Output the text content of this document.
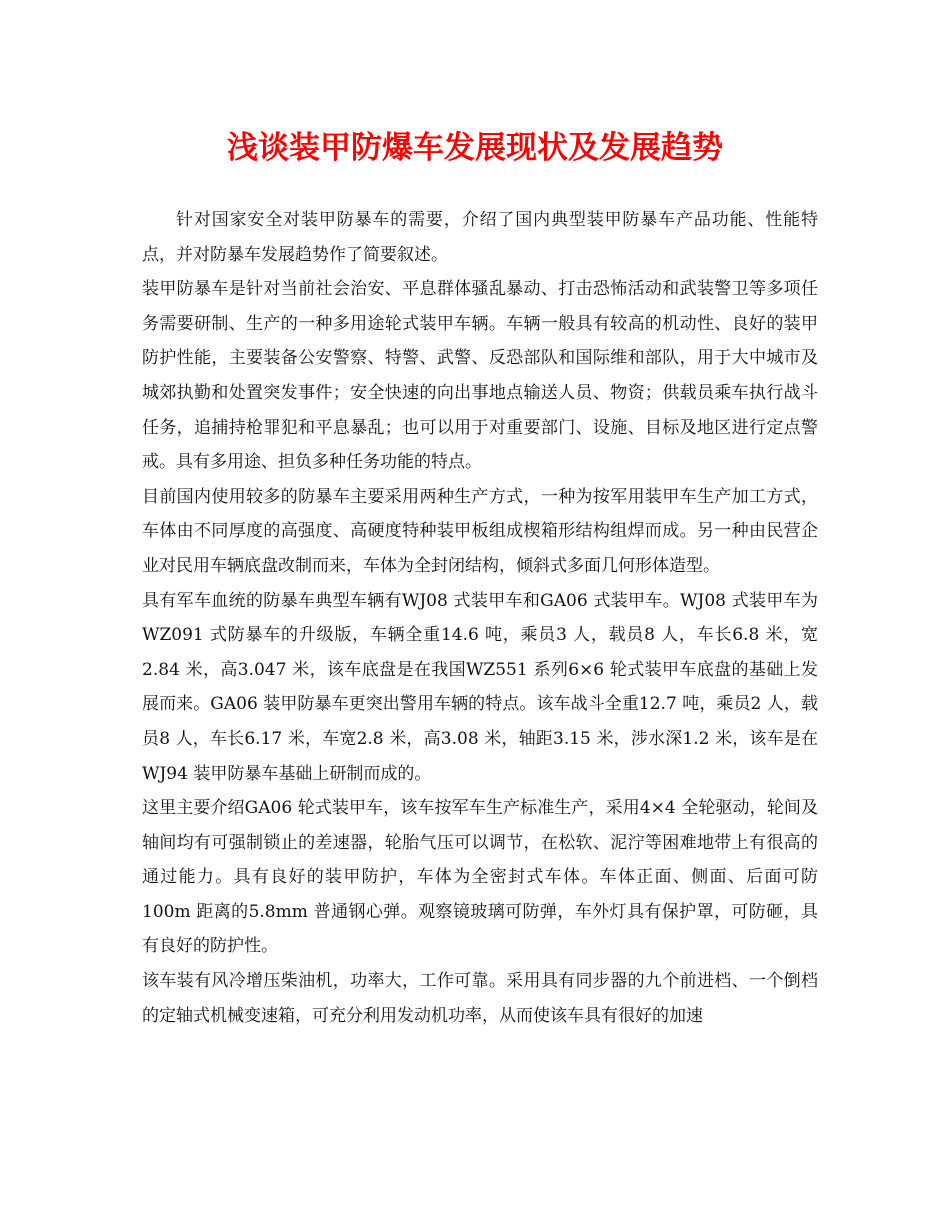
浅谈装甲防爆车发展现状及发展趋势

针对国家安全对装甲防暴车的需要，介绍了国内典型装甲防暴车产品功能、性能特点，并对防暴车发展趋势作了简要叙述。

装甲防暴车是针对当前社会治安、平息群体骚乱暴动、打击恐怖活动和武装警卫等多项任务需要研制、生产的一种多用途轮式装甲车辆。车辆一般具有较高的机动性、良好的装甲防护性能，主要装备公安警察、特警、武警、反恐部队和国际维和部队，用于大中城市及城郊执勤和处置突发事件；安全快速的向出事地点输送人员、物资；供载员乘车执行战斗任务，追捕持枪罪犯和平息暴乱；也可以用于对重要部门、设施、目标及地区进行定点警戒。具有多用途、担负多种任务功能的特点。

目前国内使用较多的防暴车主要采用两种生产方式，一种为按军用装甲车生产加工方式，车体由不同厚度的高强度、高硬度特种装甲板组成楔箱形结构组焊而成。另一种由民营企业对民用车辆底盘改制而来，车体为全封闭结构，倾斜式多面几何形体造型。

具有军车血统的防暴车典型车辆有WJ08 式装甲车和GA06 式装甲车。WJ08 式装甲车为WZ091 式防暴车的升级版，车辆全重14.6 吨，乘员3 人，载员8 人，车长6.8 米，宽2.84 米，高3.047 米，该车底盘是在我国WZ551 系列6×6 轮式装甲车底盘的基础上发展而来。GA06 装甲防暴车更突出警用车辆的特点。该车战斗全重12.7 吨，乘员2 人，载员8 人，车长6.17 米，车宽2.8 米，高3.08 米，轴距3.15 米，涉水深1.2 米，该车是在WJ94 装甲防暴车基础上研制而成的。

这里主要介绍GA06 轮式装甲车，该车按军车生产标准生产，采用4×4 全轮驱动，轮间及轴间均有可强制锁止的差速器，轮胎气压可以调节，在松软、泥泞等困难地带上有很高的通过能力。具有良好的装甲防护，车体为全密封式车体。车体正面、侧面、后面可防100m 距离的5.8mm 普通钢心弹。观察镜玻璃可防弹，车外灯具有保护罩，可防砸，具有良好的防护性。

该车装有风冷增压柴油机，功率大，工作可靠。采用具有同步器的九个前进档、一个倒档的定轴式机械变速箱，可充分利用发动机功率，从而使该车具有很好的加速
